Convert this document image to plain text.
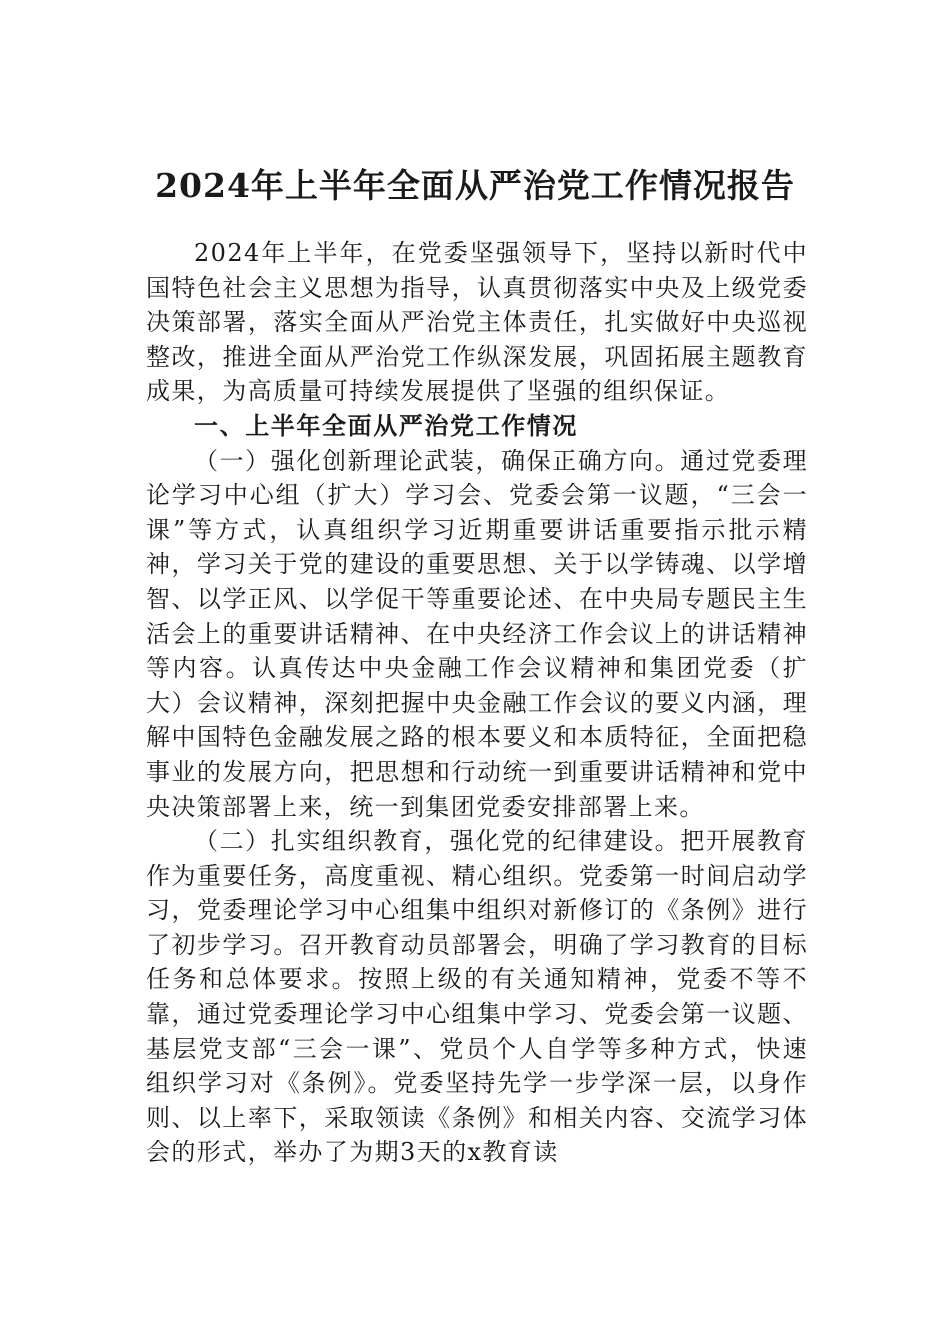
2024年上半年全面从严治党工作情况报告

2024年上半年，在党委坚强领导下，坚持以新时代中国特色社会主义思想为指导，认真贯彻落实中央及上级党委决策部署，落实全面从严治党主体责任，扎实做好中央巡视整改，推进全面从严治党工作纵深发展，巩固拓展主题教育成果，为高质量可持续发展提供了坚强的组织保证。

一、上半年全面从严治党工作情况

（一）强化创新理论武装，确保正确方向。通过党委理论学习中心组（扩大）学习会、党委会第一议题，“三会一课”等方式，认真组织学习近期重要讲话重要指示批示精神，学习关于党的建设的重要思想、关于以学铸魂、以学增智、以学正风、以学促干等重要论述、在中央局专题民主生活会上的重要讲话精神、在中央经济工作会议上的讲话精神等内容。认真传达中央金融工作会议精神和集团党委（扩大）会议精神，深刻把握中央金融工作会议的要义内涵，理解中国特色金融发展之路的根本要义和本质特征，全面把稳事业的发展方向，把思想和行动统一到重要讲话精神和党中央决策部署上来，统一到集团党委安排部署上来。

（二）扎实组织教育，强化党的纪律建设。把开展教育作为重要任务，高度重视、精心组织。党委第一时间启动学习，党委理论学习中心组集中组织对新修订的《条例》进行了初步学习。召开教育动员部署会，明确了学习教育的目标任务和总体要求。按照上级的有关通知精神，党委不等不靠，通过党委理论学习中心组集中学习、党委会第一议题、基层党支部“三会一课”、党员个人自学等多种方式，快速组织学习对《条例》。党委坚持先学一步学深一层，以身作则、以上率下，采取领读《条例》和相关内容、交流学习体会的形式，举办了为期3天的x教育读
